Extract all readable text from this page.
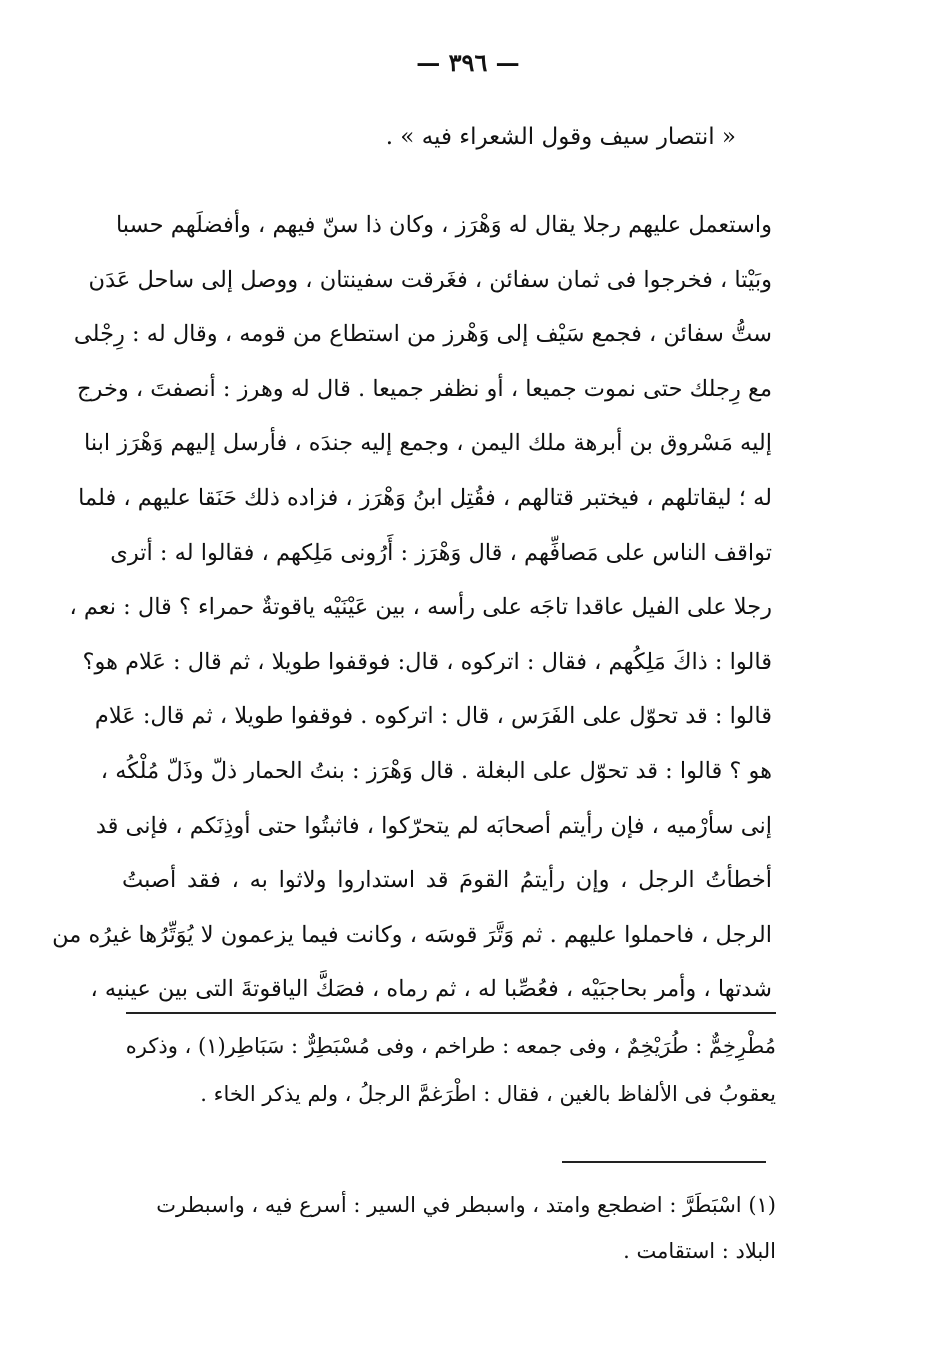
— ٣٩٦ —
« انتصار سيف وقول الشعراء فيه » .
واستعمل عليهم رجلا يقال له وَهْرَز ، وكان ذا سنّ فيهم ، وأفضلَهم حسبا
وبَيْتا ، فخرجوا فى ثمان سفائن ، فغَرقت سفينتان ، ووصل إلى ساحل عَدَن
ستُّ سفائن ، فجمع سَيْف إلى وَهْرز من استطاع من قومه ، وقال له : رِجْلى
مع رِجلك حتى نموت جميعا ، أو نظفر جميعا . قال له وهرز : أنصفتَ ، وخرج
إليه مَسْروق بن أبرهة ملك اليمن ، وجمع إليه جندَه ، فأرسل إليهم وَهْرَز ابنا
له ؛ ليقاتلهم ، فيختبر قتالهم ، فقُتِل ابنُ وَهْرَز ، فزاده ذلك حَنَقا عليهم ، فلما
تواقف الناس على مَصافِّهم ، قال وَهْرَز : أَرُونى مَلِكهم ، فقالوا له : أترى
رجلا على الفيل عاقدا تاجَه على رأسه ، بين عَيْنَيْه ياقوتةٌ حمراء ؟ قال : نعم ،
قالوا : ذاكَ مَلِكُهم ، فقال : اتركوه ، قال: فوقفوا طويلا ، ثم قال : عَلام هو؟
قالوا : قد تحوّل على الفَرَس ، قال : اتركوه . فوقفوا طويلا ، ثم قال: عَلام
هو ؟ قالوا : قد تحوّل على البغلة . قال وَهْرَز : بنتُ الحمار ذلّ وذَلّ مُلْكُه ،
إنى سأرْميه ، فإن رأيتم أصحابَه لم يتحرّكوا ، فاثبتُوا حتى أوذِنَكم ، فإنى قد
أخطأتُ الرجل ، وإن رأيتمُ القومَ قد استداروا ولاثوا به ، فقد أصبتُ
الرجل ، فاحملوا عليهم . ثم وَتَّرَ قوسَه ، وكانت فيما يزعمون لا يُوَتِّرُها غيرُه من
شدتها ، وأمر بحاجبَيْه ، فعُصِّبا له ، ثم رماه ، فصَكَّ الياقوتةَ التى بين عينيه ،
مُطْرِخِمٌّ : طُرَيْخِمٌ ، وفى جمعه : طراخم ، وفى مُسْبَطِرٌّ : سَبَاطِر(١) ، وذكره
يعقوبُ فى الألفاظ بالغين ، فقال : اطْرَغمَّ الرجلُ ، ولم يذكر الخاء .
(١) اسْبَطَرَّ : اضطجع وامتد ، واسبطر في السير : أسرع فيه ، واسبطرت
البلاد : استقامت .
